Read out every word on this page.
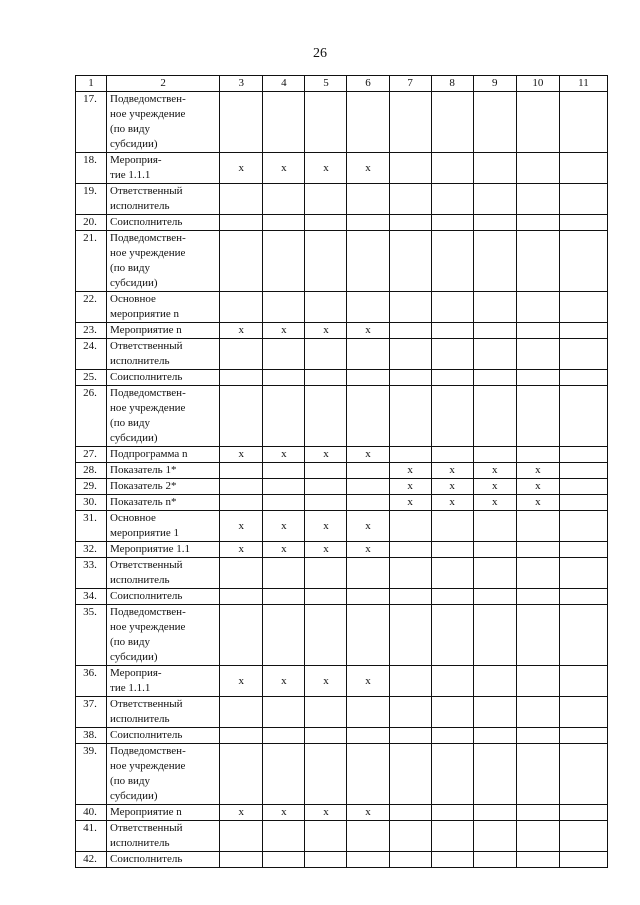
26
1	2	3	4	5	6	7	8	9	10	11
17.	Подведомствен-
ное учреждение
(по виду
субсидии)									
18.	Мероприя-
тие 1.1.1	x	x	x	x					
19.	Ответственный
исполнитель									
20.	Соисполнитель									
21.	Подведомствен-
ное учреждение
(по виду
субсидии)									
22.	Основное
мероприятие n									
23.	Мероприятие n	x	x	x	x					
24.	Ответственный
исполнитель									
25.	Соисполнитель									
26.	Подведомствен-
ное учреждение
(по виду
субсидии)									
27.	Подпрограмма n	x	x	x	x					
28.	Показатель 1*					x	x	x	x	
29.	Показатель 2*					x	x	x	x	
30.	Показатель n*					x	x	x	x	
31.	Основное
мероприятие 1	x	x	x	x					
32.	Мероприятие 1.1	x	x	x	x					
33.	Ответственный
исполнитель									
34.	Соисполнитель									
35.	Подведомствен-
ное учреждение
(по виду
субсидии)									
36.	Мероприя-
тие 1.1.1	x	x	x	x					
37.	Ответственный
исполнитель									
38.	Соисполнитель									
39.	Подведомствен-
ное учреждение
(по виду
субсидии)									
40.	Мероприятие n	x	x	x	x					
41.	Ответственный
исполнитель									
42.	Соисполнитель									
